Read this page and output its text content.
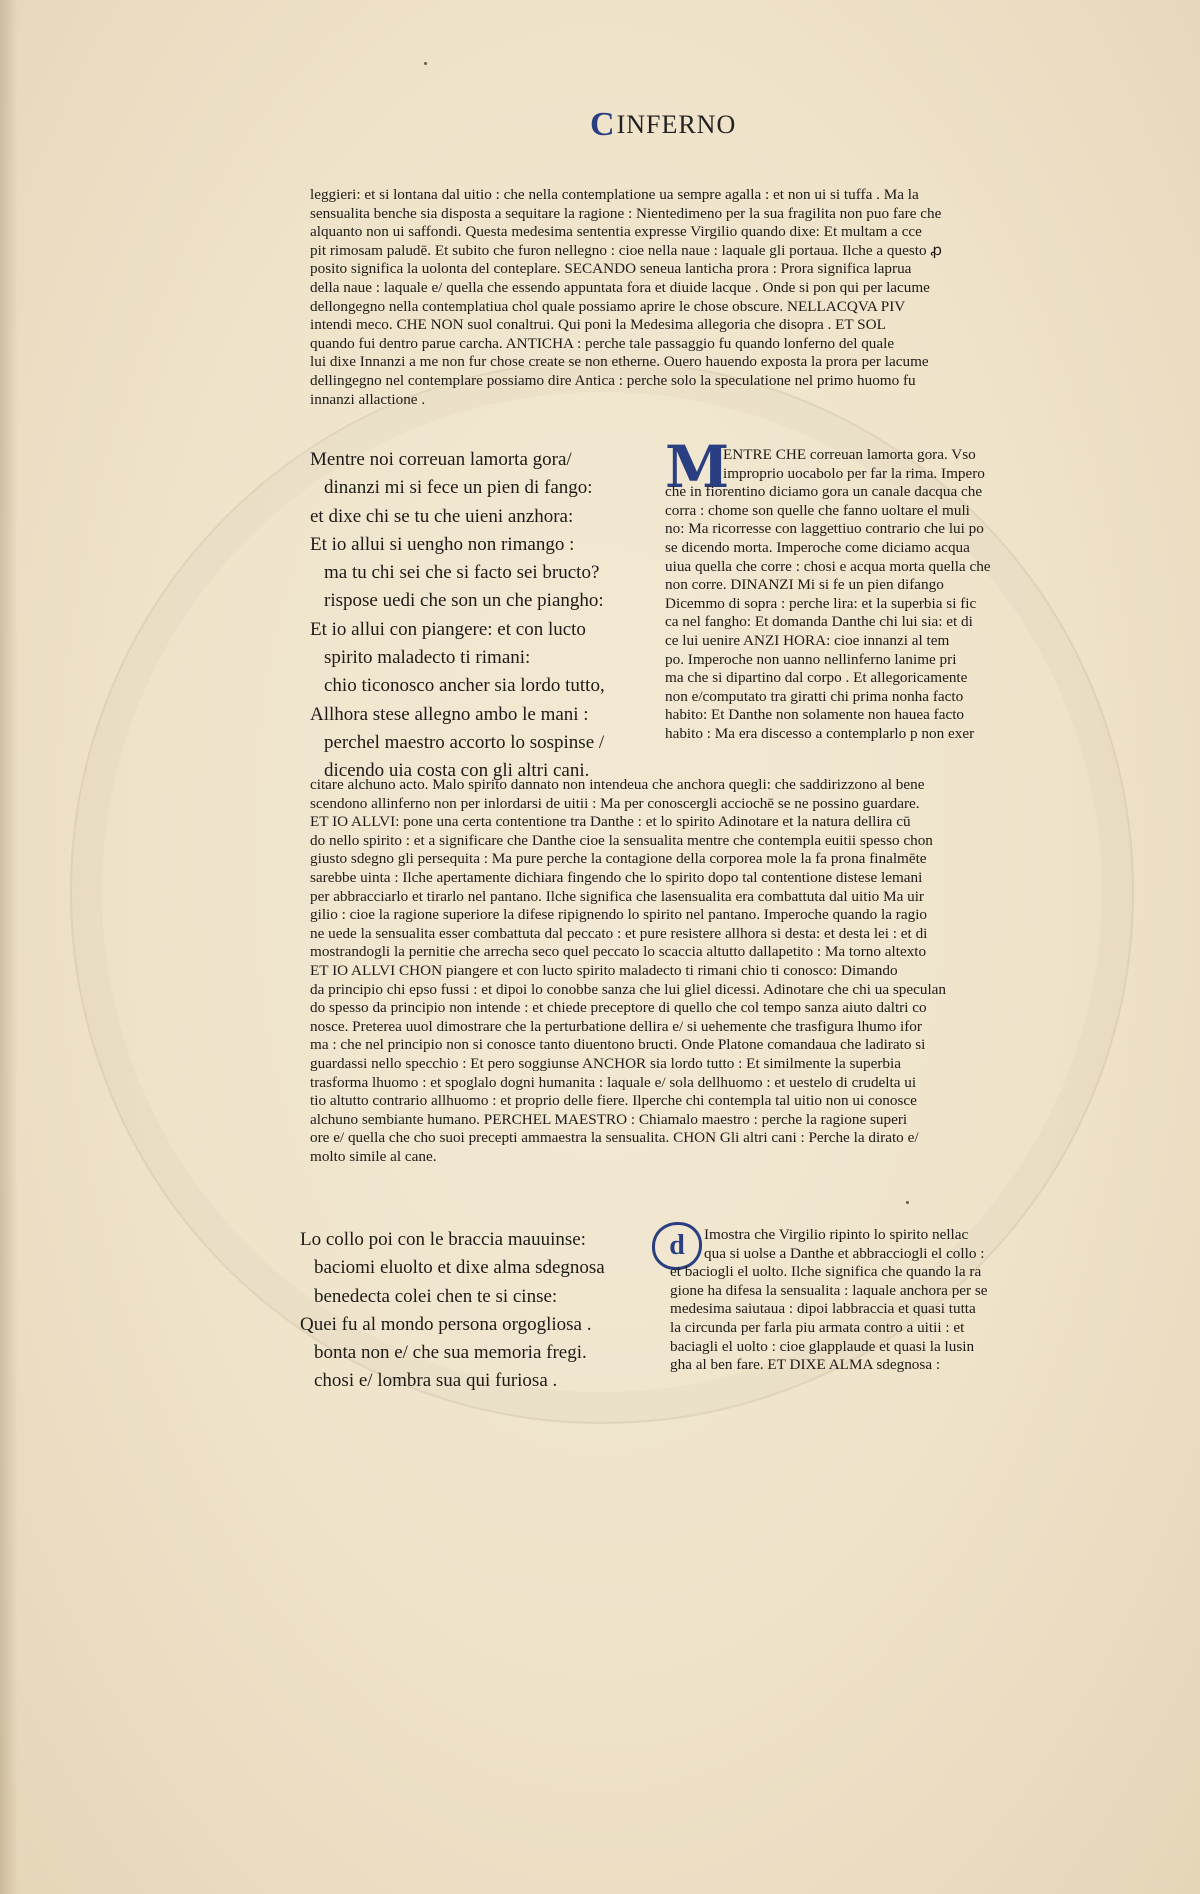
C INFERNO
leggieri: et si lontana dal uitio : che nella contemplatione ua sempre agalla : et non ui si tuffa . Ma la
sensualita benche sia disposta a sequitare la ragione : Nientedimeno per la sua fragilita non puo fare che
alquanto non ui saffondi. Questa medesima sententia expresse Virgilio quando dixe: Et multam a cce
pit rimosam paludē. Et subito che furon nellegno : cioe nella naue : laquale gli portaua. Ilche a questo ꝓ
posito significa la uolonta del conteplare. SECANDO seneua lanticha prora : Prora significa laprua
della naue : laquale e/ quella che essendo appuntata fora et diuide lacque . Onde si pon qui per lacume
dellongegno nella contemplatiua chol quale possiamo aprire le chose obscure. NELLACQVA PIV
intendi meco. CHE NON suol conaltrui. Qui poni la Medesima allegoria che disopra . ET SOL
quando fui dentro parue carcha. ANTICHA : perche tale passaggio fu quando lonferno del quale
lui dixe Innanzi a me non fur chose create se non etherne. Ouero hauendo exposta la prora per lacume
dellingegno nel contemplare possiamo dire Antica : perche solo la speculatione nel primo huomo fu
innanzi allactione .
Mentre noi correuan lamorta gora/
dinanzi mi si fece un pien di fango:
et dixe chi se tu che uieni anzhora:
Et io allui si uengho non rimango :
ma tu chi sei che si facto sei bructo?
rispose uedi che son un che piangho:
Et io allui con piangere: et con lucto
spirito maladecto ti rimani:
chio ticonosco ancher sia lordo tutto,
Allhora stese allegno ambo le mani :
perchel maestro accorto lo sospinse /
dicendo uia costa con gli altri cani.
M
ENTRE CHE correuan lamorta gora. Vso
improprio uocabolo per far la rima. Impero
che in fiorentino diciamo gora un canale dacqua che
corra : chome son quelle che fanno uoltare el muli
no: Ma ricorresse con laggettiuo contrario che lui po
se dicendo morta. Imperoche come diciamo acqua
uiua quella che corre : chosi e acqua morta quella che
non corre. DINANZI Mi si fe un pien difango
Dicemmo di sopra : perche lira: et la superbia si fic
ca nel fangho: Et domanda Danthe chi lui sia: et di
ce lui uenire ANZI HORA: cioe innanzi al tem
po. Imperoche non uanno nellinferno lanime pri
ma che si dipartino dal corpo . Et allegoricamente
non e/computato tra giratti chi prima nonha facto
habito: Et Danthe non solamente non hauea facto
habito : Ma era discesso a contemplarlo p non exer
citare alchuno acto. Malo spirito dannato non intendeua che anchora quegli: che saddirizzono al bene
scendono allinferno non per inlordarsi de uitii : Ma per conoscergli acciochē se ne possino guardare.
ET IO ALLVI: pone una certa contentione tra Danthe : et lo spirito Adinotare et la natura dellira cū
do nello spirito : et a significare che Danthe cioe la sensualita mentre che contempla euitii spesso chon
giusto sdegno gli persequita : Ma pure perche la contagione della corporea mole la fa prona finalmēte
sarebbe uinta : Ilche apertamente dichiara fingendo che lo spirito dopo tal contentione distese lemani
per abbracciarlo et tirarlo nel pantano. Ilche significa che lasensualita era combattuta dal uitio Ma uir
gilio : cioe la ragione superiore la difese ripignendo lo spirito nel pantano. Imperoche quando la ragio
ne uede la sensualita esser combattuta dal peccato : et pure resistere allhora si desta: et desta lei : et di
mostrandogli la pernitie che arrecha seco quel peccato lo scaccia altutto dallapetito : Ma torno altexto
ET IO ALLVI CHON piangere et con lucto spirito maladecto ti rimani chio ti conosco: Dimando
da principio chi epso fussi : et dipoi lo conobbe sanza che lui gliel dicessi. Adinotare che chi ua speculan
do spesso da principio non intende : et chiede preceptore di quello che col tempo sanza aiuto daltri co
nosce. Preterea uuol dimostrare che la perturbatione dellira e/ si uehemente che trasfigura lhumo ifor
ma : che nel principio non si conosce tanto diuentono bructi. Onde Platone comandaua che ladirato si
guardassi nello specchio : Et pero soggiunse ANCHOR sia lordo tutto : Et similmente la superbia
trasforma lhuomo : et spoglalo dogni humanita : laquale e/ sola dellhuomo : et uestelo di crudelta ui
tio altutto contrario allhuomo : et proprio delle fiere. Ilperche chi contempla tal uitio non ui conosce
alchuno sembiante humano. PERCHEL MAESTRO : Chiamalo maestro : perche la ragione superi
ore e/ quella che cho suoi precepti ammaestra la sensualita. CHON Gli altri cani : Perche la dirato e/
molto simile al cane.
Lo collo poi con le braccia mauuinse:
baciomi eluolto et dixe alma sdegnosa
benedecta colei chen te si cinse:
Quei fu al mondo persona orgogliosa .
bonta non e/ che sua memoria fregi.
chosi e/ lombra sua qui furiosa .
d	Imostra che Virgilio ripinto lo spirito nellac
qua si uolse a Danthe et abbracciogli el collo :
et baciogli el uolto. Ilche significa che quando la ra
gione ha difesa la sensualita : laquale anchora per se
medesima saiutaua : dipoi labbraccia et quasi tutta
la circunda per farla piu armata contro a uitii : et
baciagli el uolto : cioe glapplaude et quasi la lusin
gha al ben fare. ET DIXE ALMA sdegnosa :
